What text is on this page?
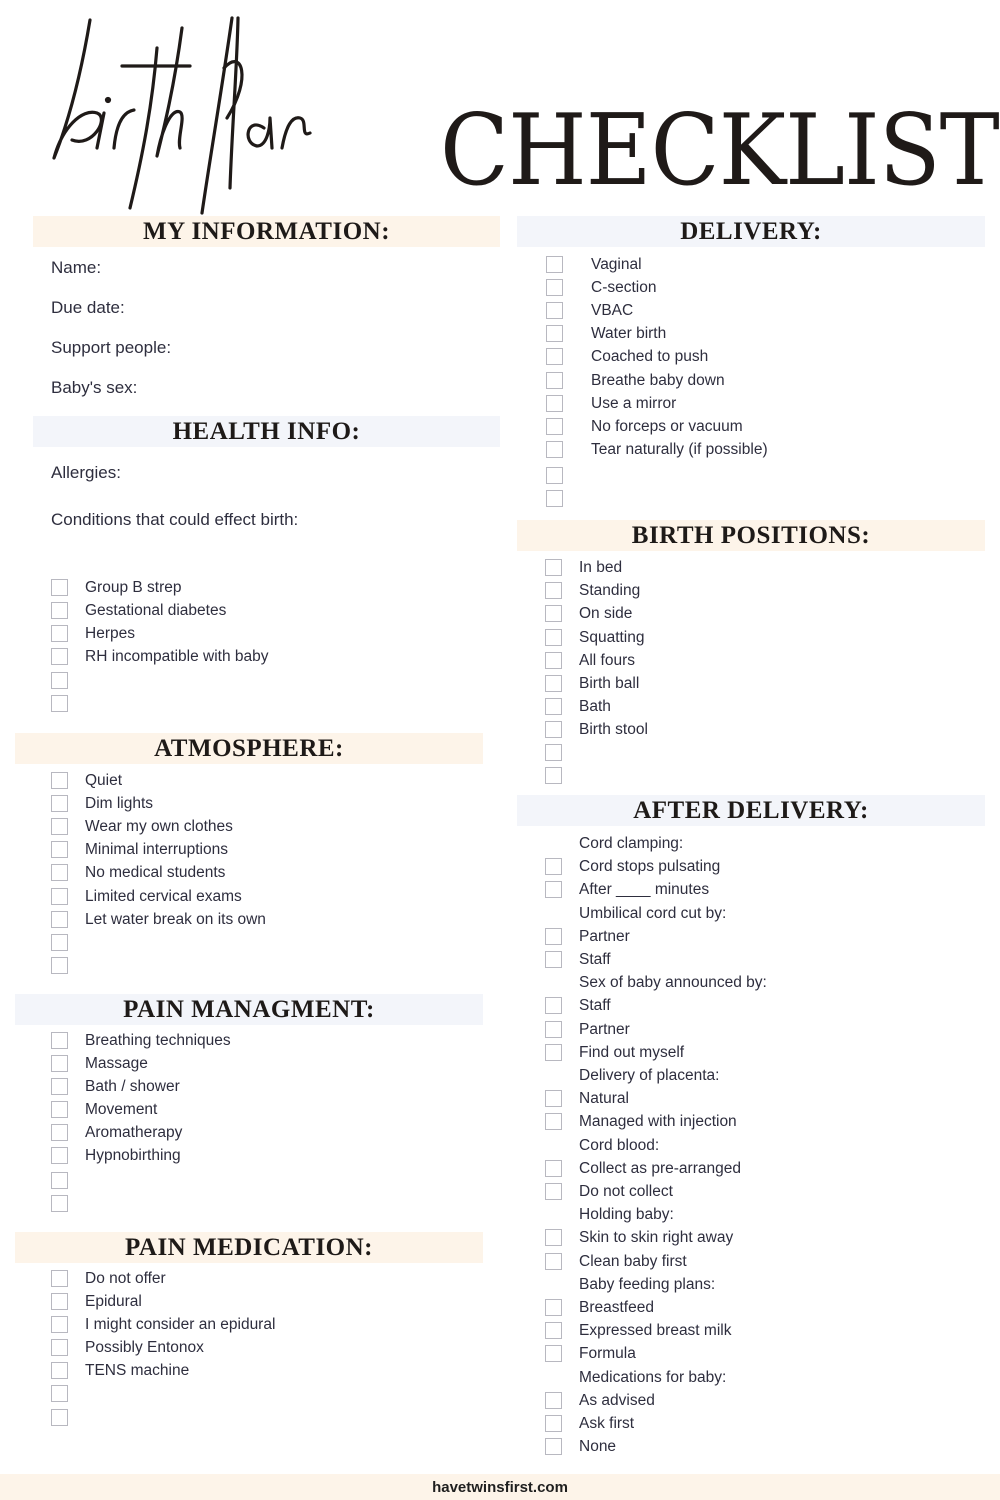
CHECKLIST
MY INFORMATION:
Name:
Due date:
Support people:
Baby's sex:
HEALTH INFO:
Allergies:
Conditions that could effect birth:
Group B strep
Gestational diabetes
Herpes
RH incompatible with baby
ATMOSPHERE:
Quiet
Dim lights
Wear my own clothes
Minimal interruptions
No medical students
Limited cervical exams
Let water break on its own
PAIN MANAGMENT:
Breathing techniques
Massage
Bath / shower
Movement
Aromatherapy
Hypnobirthing
PAIN MEDICATION:
Do not offer
Epidural
I might consider an epidural
Possibly Entonox
TENS machine
DELIVERY:
Vaginal
C-section
VBAC
Water birth
Coached to push
Breathe baby down
Use a mirror
No forceps or vacuum
Tear naturally (if possible)
BIRTH POSITIONS:
In bed
Standing
On side
Squatting
All fours
Birth ball
Bath
Birth stool
AFTER DELIVERY:
Cord clamping:
Cord stops pulsating
After ____ minutes
Umbilical cord cut by:
Partner
Staff
Sex of baby announced by:
Staff
Partner
Find out myself
Delivery of placenta:
Natural
Managed with injection
Cord blood:
Collect as pre-arranged
Do not collect
Holding baby:
Skin to skin right away
Clean baby first
Baby feeding plans:
Breastfeed
Expressed breast milk
Formula
Medications for baby:
As advised
Ask first
None
havetwinsfirst.com
